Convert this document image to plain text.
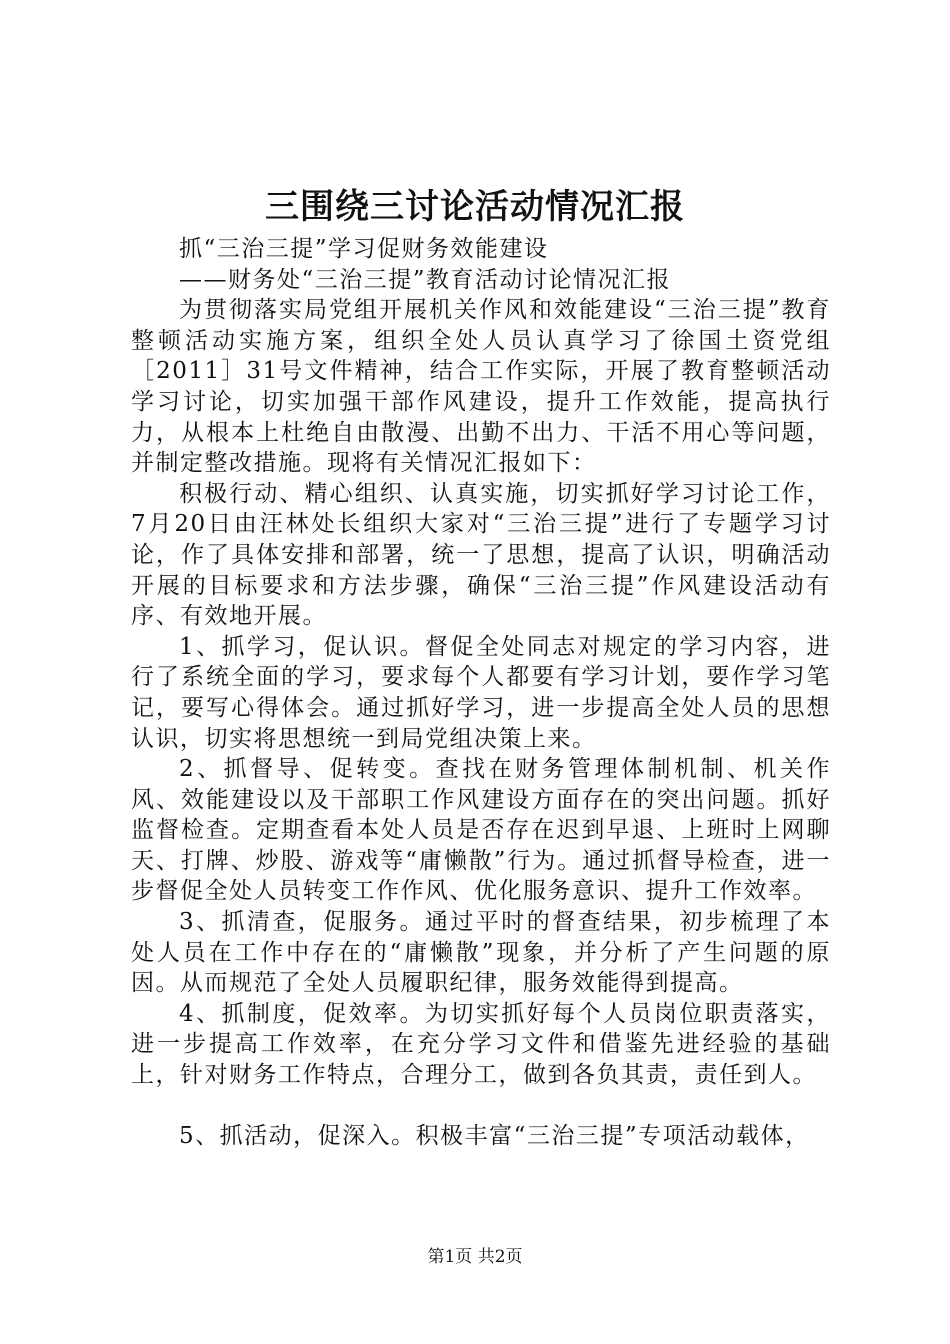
三围绕三讨论活动情况汇报

抓“三治三提”学习促财务效能建设

——财务处“三治三提”教育活动讨论情况汇报

为贯彻落实局党组开展机关作风和效能建设“三治三提”教育整顿活动实施方案，组织全处人员认真学习了徐国土资党组［2011］31号文件精神，结合工作实际，开展了教育整顿活动学习讨论，切实加强干部作风建设，提升工作效能，提高执行力，从根本上杜绝自由散漫、出勤不出力、干活不用心等问题，并制定整改措施。现将有关情况汇报如下：

积极行动、精心组织、认真实施，切实抓好学习讨论工作，7月20日由汪林处长组织大家对“三治三提”进行了专题学习讨论，作了具体安排和部署，统一了思想，提高了认识，明确活动开展的目标要求和方法步骤，确保“三治三提”作风建设活动有序、有效地开展。

1、抓学习，促认识。督促全处同志对规定的学习内容，进行了系统全面的学习，要求每个人都要有学习计划，要作学习笔记，要写心得体会。通过抓好学习，进一步提高全处人员的思想认识，切实将思想统一到局党组决策上来。

2、抓督导、促转变。查找在财务管理体制机制、机关作风、效能建设以及干部职工作风建设方面存在的突出问题。抓好监督检查。定期查看本处人员是否存在迟到早退、上班时上网聊天、打牌、炒股、游戏等“庸懒散”行为。通过抓督导检查，进一步督促全处人员转变工作作风、优化服务意识、提升工作效率。

3、抓清查，促服务。通过平时的督查结果，初步梳理了本处人员在工作中存在的“庸懒散”现象，并分析了产生问题的原因。从而规范了全处人员履职纪律，服务效能得到提高。

4、抓制度，促效率。为切实抓好每个人员岗位职责落实，进一步提高工作效率，在充分学习文件和借鉴先进经验的基础上，针对财务工作特点，合理分工，做到各负其责，责任到人。

5、抓活动，促深入。积极丰富“三治三提”专项活动载体，

第1页 共2页
